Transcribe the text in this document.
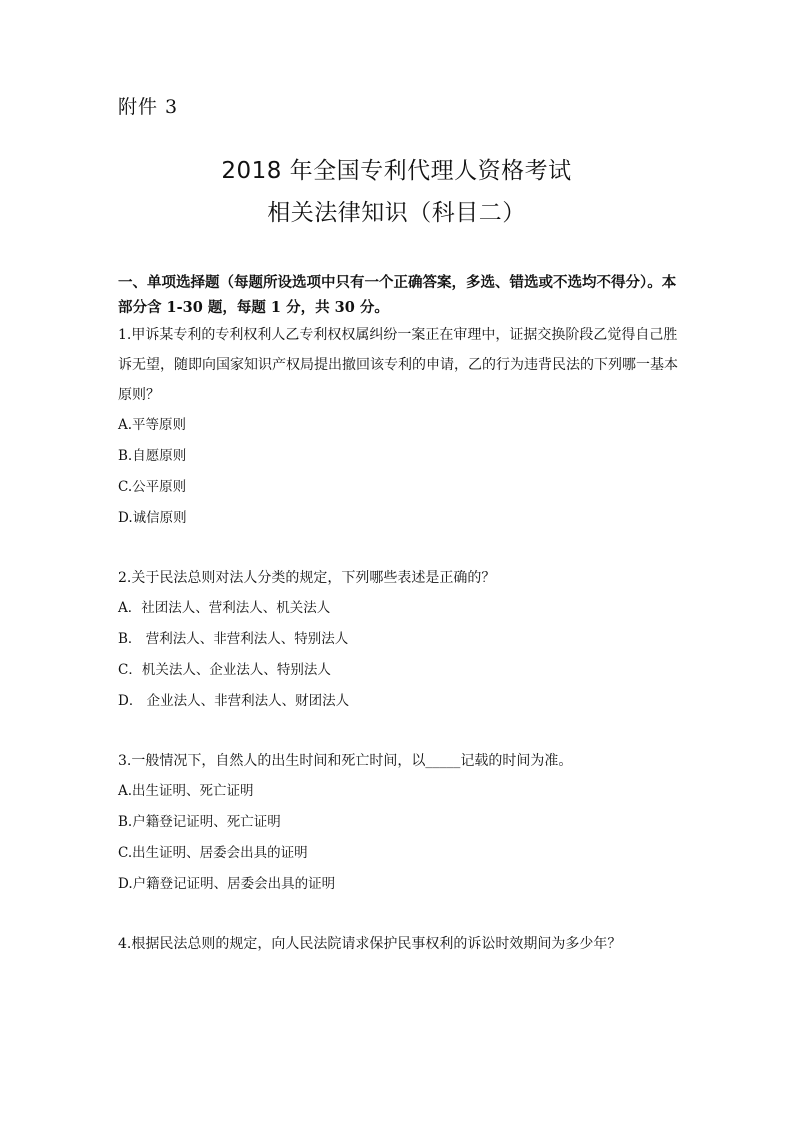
附件 3
2018 年全国专利代理人资格考试
相关法律知识（科目二）

一、单项选择题（每题所设选项中只有一个正确答案，多选、错选或不选均不得分）。本部分含 1-30 题，每题 1 分，共 30 分。

1.甲诉某专利的专利权利人乙专利权权属纠纷一案正在审理中，证据交换阶段乙觉得自己胜诉无望，随即向国家知识产权局提出撤回该专利的申请，乙的行为违背民法的下列哪一基本原则？

A.平等原则

B.自愿原则

C.公平原则

D.诚信原则

2.关于民法总则对法人分类的规定，下列哪些表述是正确的？

A．社团法人、营利法人、机关法人

B． 营利法人、非营利法人、特别法人

C．机关法人、企业法人、特别法人

D． 企业法人、非营利法人、财团法人

3.一般情况下，自然人的出生时间和死亡时间，以_____记载的时间为准。

A.出生证明、死亡证明

B.户籍登记证明、死亡证明

C.出生证明、居委会出具的证明

D.户籍登记证明、居委会出具的证明

4.根据民法总则的规定，向人民法院请求保护民事权利的诉讼时效期间为多少年？
